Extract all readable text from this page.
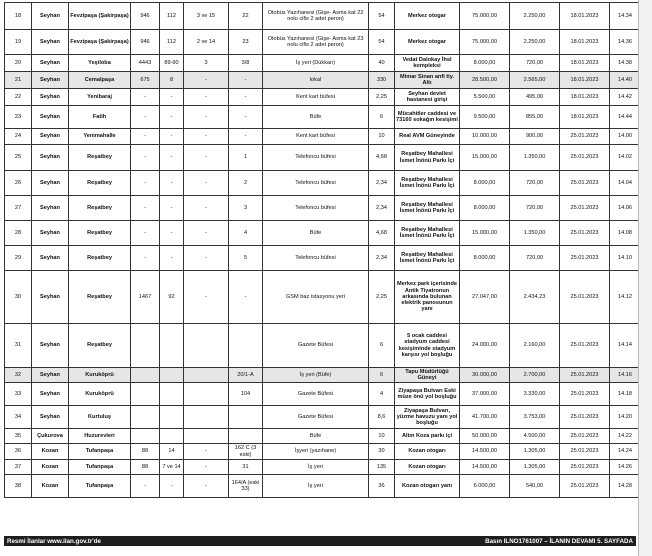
18	Seyhan	Fevzipaşa (Şakirpaşa)	946	112	3 ve 15	22	Otobüs Yazıhanesi (Gişe- Asma kat 22 nolu cifis 2 adet peron)	54	Merkez otogar	75.000,00	2.250,00	18.01.2023	14.34
19	Seyhan	Fevzipaşa (Şakirpaşa)	946	112	2 ve 14	23	Otobüs Yazıhanesi (Gişe- Asma kat 23 nolu cifis 2 adet peron)	54	Merkez otogar	75.000,00	2.250,00	18.01.2023	14.36
20	Seyhan	Yeşiloba	4443	89-90	3	3/8	İş yeri (Dükkan)	40	Vedat Dalokay İhsl kompleksi	8.000,00	720,00	18.01.2023	14.38
21	Seyhan	Cemalpaşa	675	8	-	-	lokal	330	Mimar Sinan anfi tiy. Altı	28.500,00	2.565,00	18.01.2023	14.40
22	Seyhan	Yenibaraj	-	-	-	-	Kent kart büfesi	2,25	Seyhan devlet hastanesi girişi	5.500,00	495,00	18.01.2023	14.42
23	Seyhan	Fatih	-	-	-	-	Büfe	6	Mücahitler caddesi ve 73160 sokağın kesişimi	9.500,00	855,00	18.01.2023	14.44
24	Seyhan	Yenimahalle	-	-	-	-	Kent kart büfesi	10	Real AVM Güneyinde	10.000,00	900,00	25.01.2023	14.00
25	Seyhan	Reşatbey	-	-	-	1	Telefoncu büfesi	4,68	Reşatbey Mahallesi İsmet İnönü Parkı İçi	15.000,00	1.350,00	25.01.2023	14.02
26	Seyhan	Reşatbey	-	-	-	2	Telefoncu büfesi	2,34	Reşatbey Mahallesi İsmet İnönü Parkı İçi	8.000,00	720,00	25.01.2023	14.04
27	Seyhan	Reşatbey	-	-	-	3	Telefoncu büfesi	2,34	Reşatbey Mahallesi İsmet İnönü Parkı İçi	8.000,00	720,00	25.01.2023	14.06
28	Seyhan	Reşatbey	-	-	-	4	Büfe	4,68	Reşatbey Mahallesi İsmet İnönü Parkı İçi	15.000,00	1.350,00	25.01.2023	14.08
29	Seyhan	Reşatbey	-	-	-	5	Telefoncu büfesi	2,34	Reşatbey Mahallesi İsmet İnönü Parkı İçi	8.000,00	720,00	25.01.2023	14.10
30	Seyhan	Reşatbey	1467	92	-	-	GSM baz istasyonu yeri	2,25	Merkez park içerisinde Antik Tiyatronun arkasında bulunan elektrik panosunun yanı	27.047,00	2.434,23	25.01.2023	14.12
31	Seyhan	Reşatbey					Gazete Büfesi	6	5 ocak caddesi stadyum caddesi kesişiminde stadyum karşısı yol boşluğu	24.000,00	2.160,00	25.01.2023	14.14
32	Seyhan	Kuruköprü				20/1-A	İş yeri (Büfe)	6	Tapu Müdürlüğü Güneyi	30.000,00	2.700,00	25.01.2023	14.16
33	Seyhan	Kuruköprü				104	Gazete Büfesi	4	Ziyapaşa Bulvarı Eski müze önü yol boşluğu	37.000,00	3.330,00	25.01.2023	14.18
34	Seyhan	Kurtuluş					Gazete Büfesi	8,6	Ziyapaşa Bulvarı, yüzme havuzu yanı yol boşluğu	41.700,00	3.753,00	25.01.2023	14.20
35	Çukurova	Huzurevleri					Büfe	10	Altın Koza parkı içi	50.000,00	4.500,00	25.01.2023	14.22
36	Kozan	Tufanpaşa	88	14	-	162 C (3 eski)	İşyeri (yazıhane)	30	Kozan otogarı	14.500,00	1.305,00	25.01.2023	14.24
37	Kozan	Tufanpaşa	88	7 ve 14	-	31	İş yeri	135	Kozan otogarı	14.500,00	1.305,00	25.01.2023	14.26
38	Kozan	Tufanpaşa	-	-	-	164/A (eski 33)	İş yeri	36	Kozan otogarı yanı	6.000,00	540,00	25.01.2023	14.28
Resmi İlanlar www.ilan.gov.tr'de	Basın ILNO1761007 – İLANIN DEVAMI 5. SAYFADA
